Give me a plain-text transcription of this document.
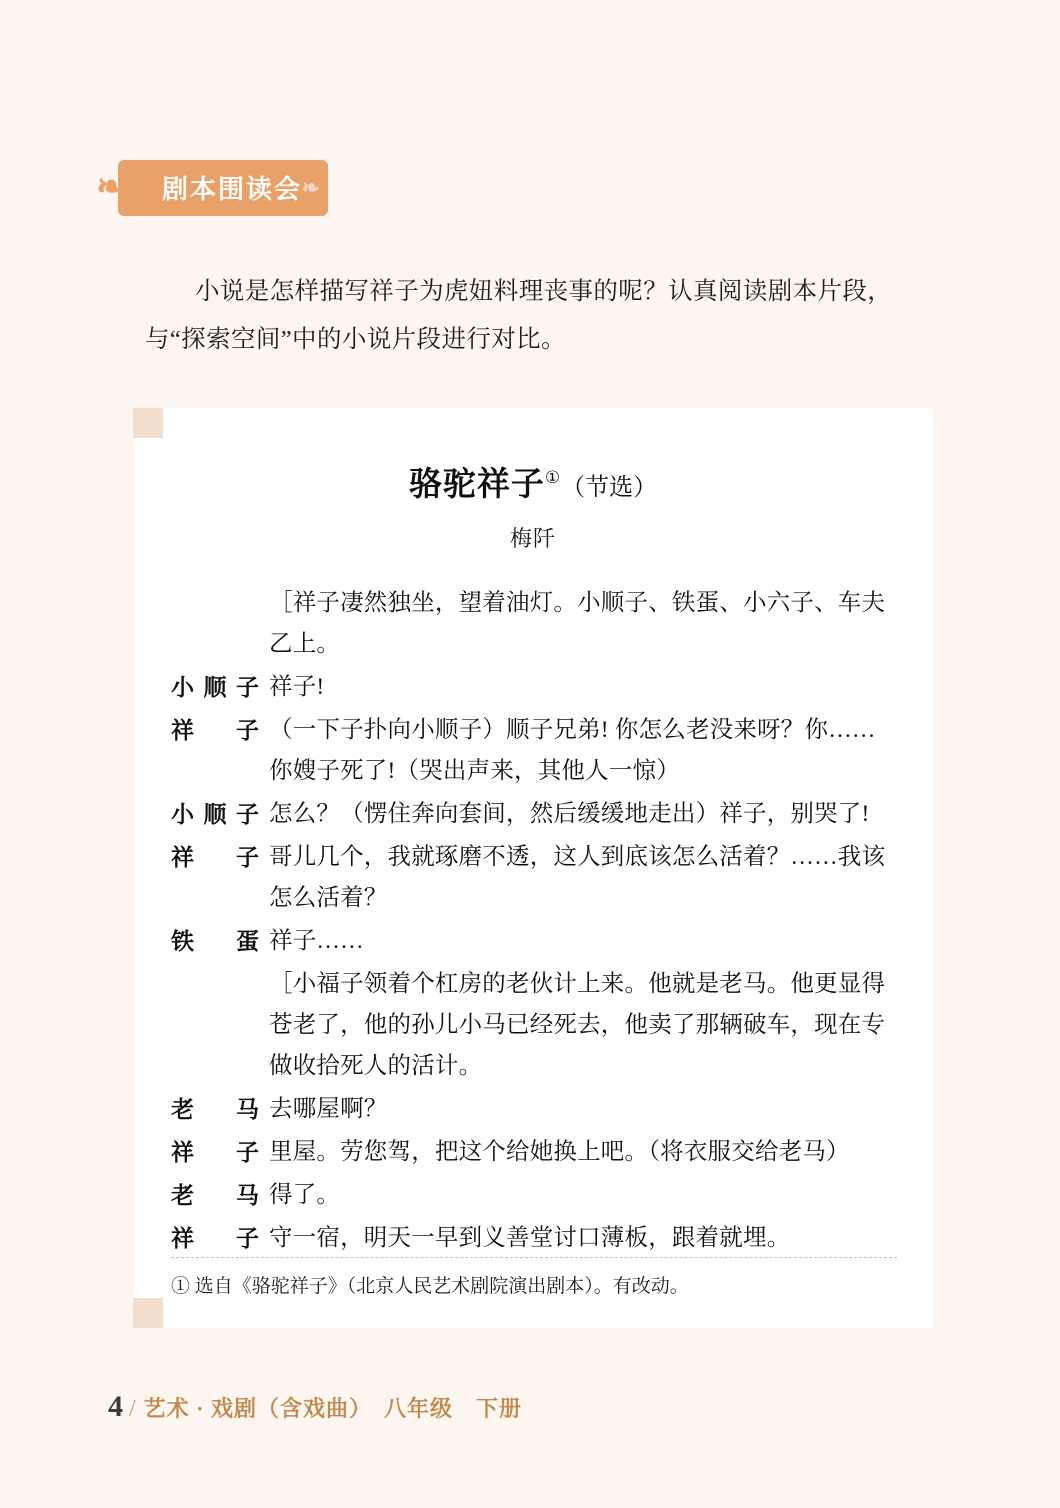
❧ 剧本围读会 ❧
小说是怎样描写祥子为虎妞料理丧事的呢？认真阅读剧本片段，与“探索空间”中的小说片段进行对比。
骆驼祥子①（节选）
梅阡
［祥子凄然独坐，望着油灯。小顺子、铁蛋、小六子、车夫乙上。
小顺子 祥子!
祥子 （一下子扑向小顺子）顺子兄弟! 你怎么老没来呀？你……你嫂子死了!（哭出声来，其他人一惊）
小顺子 怎么？（愣住奔向套间，然后缓缓地走出）祥子，别哭了!
祥子 哥儿几个，我就琢磨不透，这人到底该怎么活着？……我该怎么活着？
铁蛋 祥子……
［小福子领着个杠房的老伙计上来。他就是老马。他更显得苍老了，他的孙儿小马已经死去，他卖了那辆破车，现在专做收拾死人的活计。
老马 去哪屋啊？
祥子 里屋。劳您驾，把这个给她换上吧。（将衣服交给老马）
老马 得了。
祥子 守一宿，明天一早到义善堂讨口薄板，跟着就埋。
① 选自《骆驼祥子》（北京人民艺术剧院演出剧本）。有改动。
4 / 艺术 · 戏剧（含戏曲）　八年级　下册
